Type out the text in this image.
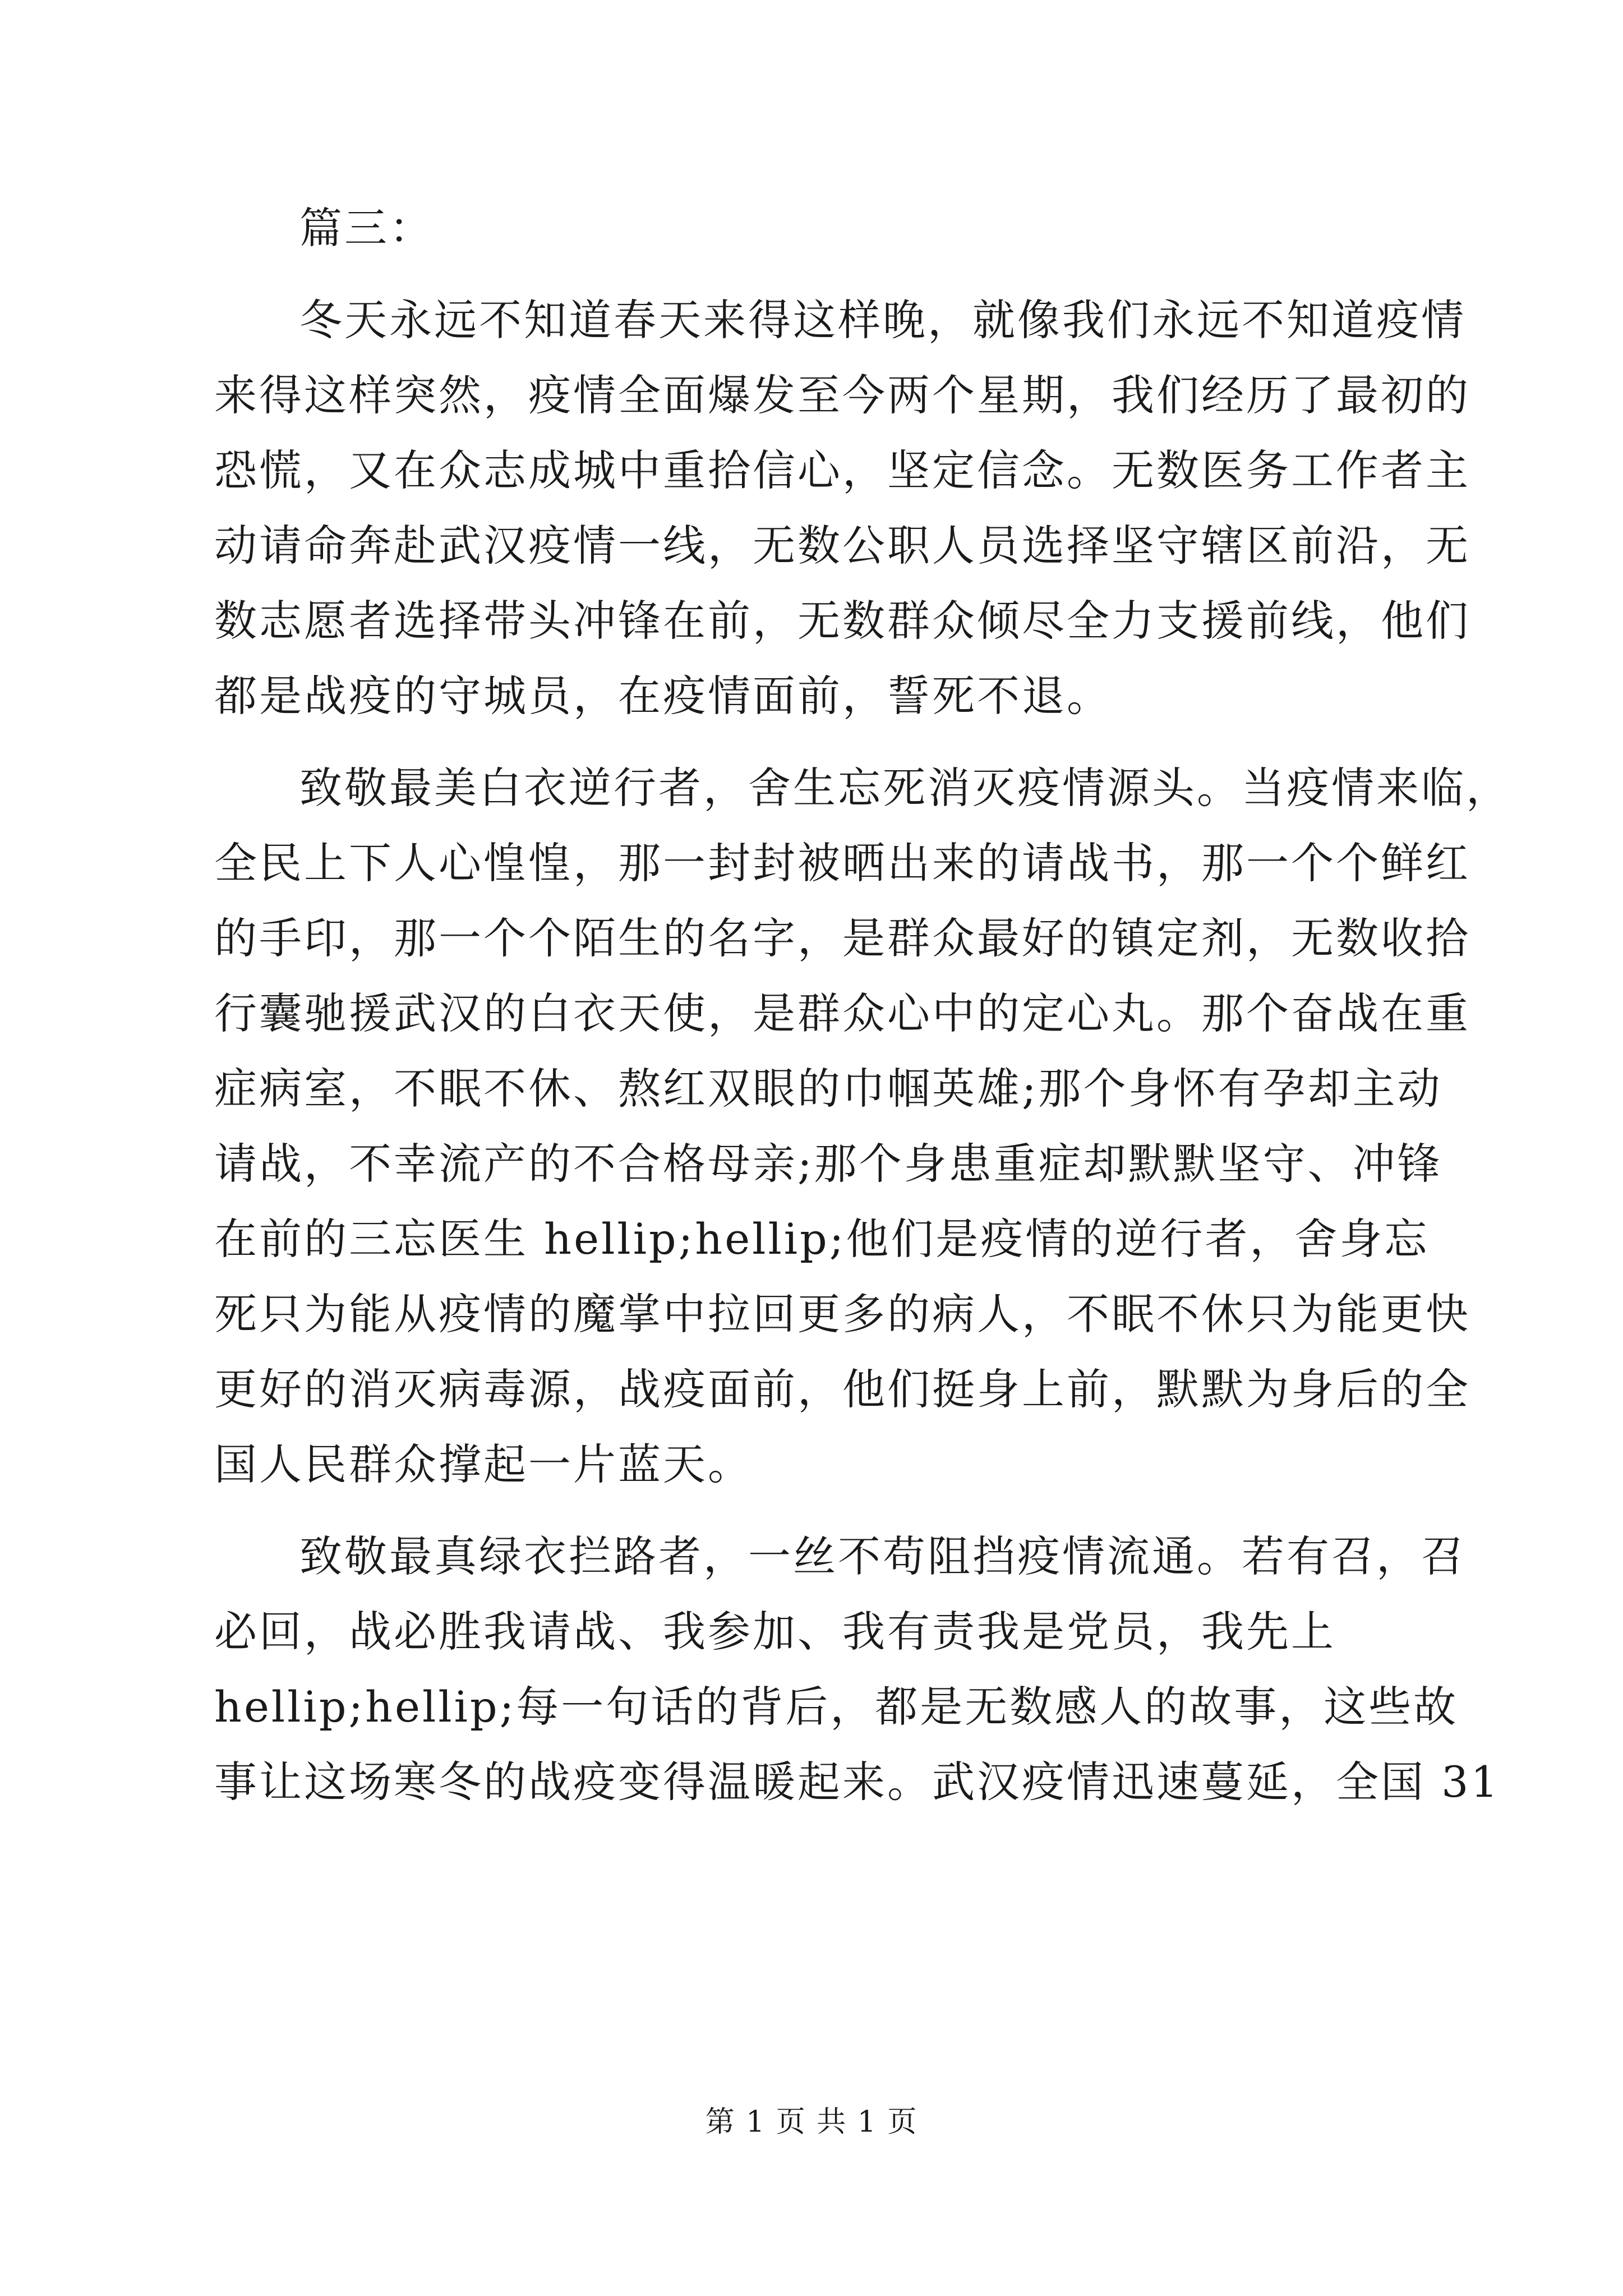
篇三：
冬天永远不知道春天来得这样晚，就像我们永远不知道疫情
来得这样突然，疫情全面爆发至今两个星期，我们经历了最初的
恐慌，又在众志成城中重拾信心，坚定信念。无数医务工作者主
动请命奔赴武汉疫情一线，无数公职人员选择坚守辖区前沿，无
数志愿者选择带头冲锋在前，无数群众倾尽全力支援前线，他们
都是战疫的守城员，在疫情面前，誓死不退。
致敬最美白衣逆行者，舍生忘死消灭疫情源头。当疫情来临，
全民上下人心惶惶，那一封封被晒出来的请战书，那一个个鲜红
的手印，那一个个陌生的名字，是群众最好的镇定剂，无数收拾
行囊驰援武汉的白衣天使，是群众心中的定心丸。那个奋战在重
症病室，不眠不休、熬红双眼的巾帼英雄;那个身怀有孕却主动
请战，不幸流产的不合格母亲;那个身患重症却默默坚守、冲锋
在前的三忘医生 hellip;hellip;他们是疫情的逆行者，舍身忘
死只为能从疫情的魔掌中拉回更多的病人，不眠不休只为能更快
更好的消灭病毒源，战疫面前，他们挺身上前，默默为身后的全
国人民群众撑起一片蓝天。
致敬最真绿衣拦路者，一丝不苟阻挡疫情流通。若有召，召
必回，战必胜我请战、我参加、我有责我是党员，我先上
hellip;hellip;每一句话的背后，都是无数感人的故事，这些故
事让这场寒冬的战疫变得温暖起来。武汉疫情迅速蔓延，全国 31
第 1 页 共 1 页
